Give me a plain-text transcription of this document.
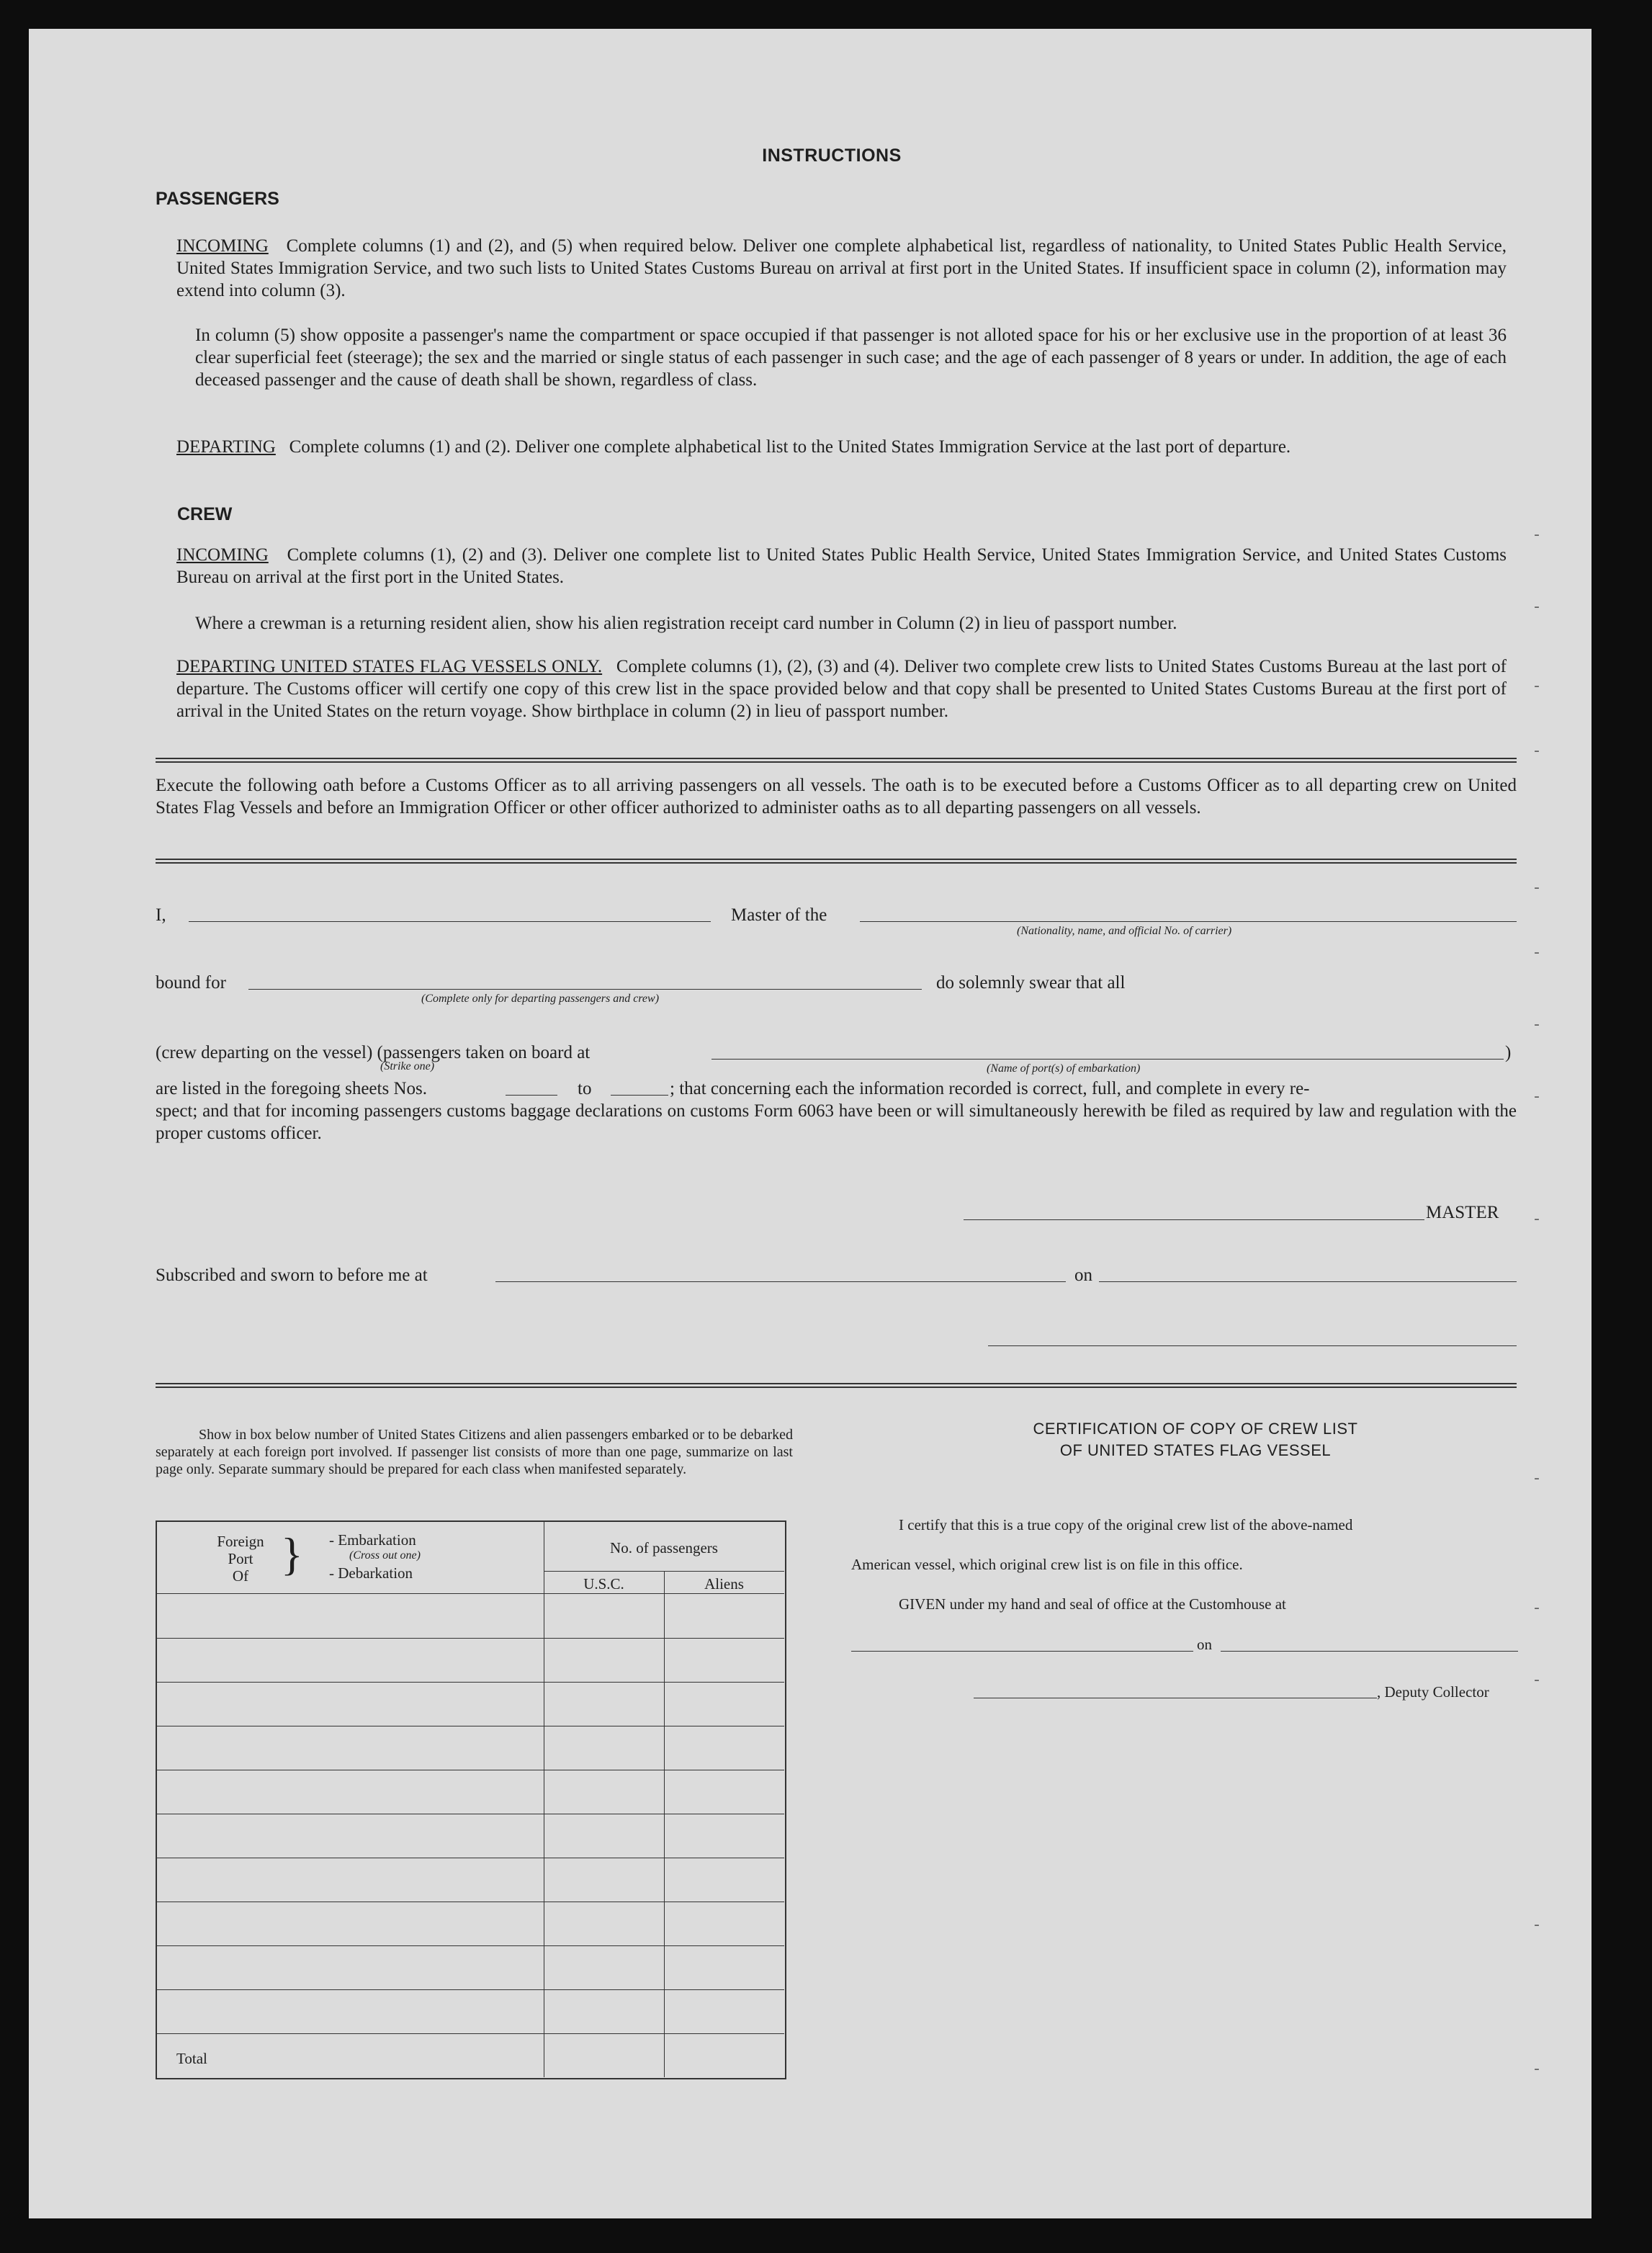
INSTRUCTIONS
PASSENGERS
INCOMING Complete columns (1) and (2), and (5) when required below. Deliver one complete alphabetical list, regardless of nationality, to United States Public Health Service, United States Immigration Service, and two such lists to United States Customs Bureau on arrival at first port in the United States. If insufficient space in column (2), information may extend into column (3).
In column (5) show opposite a passenger's name the compartment or space occupied if that passenger is not alloted space for his or her exclusive use in the proportion of at least 36 clear superficial feet (steerage); the sex and the married or single status of each passenger in such case; and the age of each passenger of 8 years or under. In addition, the age of each deceased passenger and the cause of death shall be shown, regardless of class.
DEPARTING Complete columns (1) and (2). Deliver one complete alphabetical list to the United States Immigration Service at the last port of departure.
CREW
INCOMING Complete columns (1), (2) and (3). Deliver one complete list to United States Public Health Service, United States Immigration Service, and United States Customs Bureau on arrival at the first port in the United States.
Where a crewman is a returning resident alien, show his alien registration receipt card number in Column (2) in lieu of passport number.
DEPARTING UNITED STATES FLAG VESSELS ONLY. Complete columns (1), (2), (3) and (4). Deliver two complete crew lists to United States Customs Bureau at the last port of departure. The Customs officer will certify one copy of this crew list in the space provided below and that copy shall be presented to United States Customs Bureau at the first port of arrival in the United States on the return voyage. Show birthplace in column (2) in lieu of passport number.
Execute the following oath before a Customs Officer as to all arriving passengers on all vessels. The oath is to be executed before a Customs Officer as to all departing crew on United States Flag Vessels and before an Immigration Officer or other officer authorized to administer oaths as to all departing passengers on all vessels.
I,	Master of the
(Nationality, name, and official No. of carrier)
bound for
(Complete only for departing passengers and crew)
do solemnly swear that all
(crew departing on the vessel) (passengers taken on board at	)
(Strike one)	(Name of port(s) of embarkation)
are listed in the foregoing sheets Nos.	to	; that concerning each the information recorded is correct, full, and complete in every re-
spect; and that for incoming passengers customs baggage declarations on customs Form 6063 have been or will simultaneously herewith be filed as required by law and regulation with the proper customs officer.
MASTER
Subscribed and sworn to before me at	on
Show in box below number of United States Citizens and alien passengers embarked or to be debarked separately at each foreign port involved. If passenger list consists of more than one page, summarize on last page only. Separate summary should be prepared for each class when manifested separately.
Foreign
Port
Of } - Embarkation
(Cross out one)
- Debarkation
No. of passengers
U.S.C.	Aliens
Total
CERTIFICATION OF COPY OF CREW LIST
OF UNITED STATES FLAG VESSEL
I certify that this is a true copy of the original crew list of the above-named
American vessel, which original crew list is on file in this office.
GIVEN under my hand and seal of office at the Customhouse at
on
, Deputy Collector
-
-
-
-
-
-
-
-
-
-
-
-
-
-
